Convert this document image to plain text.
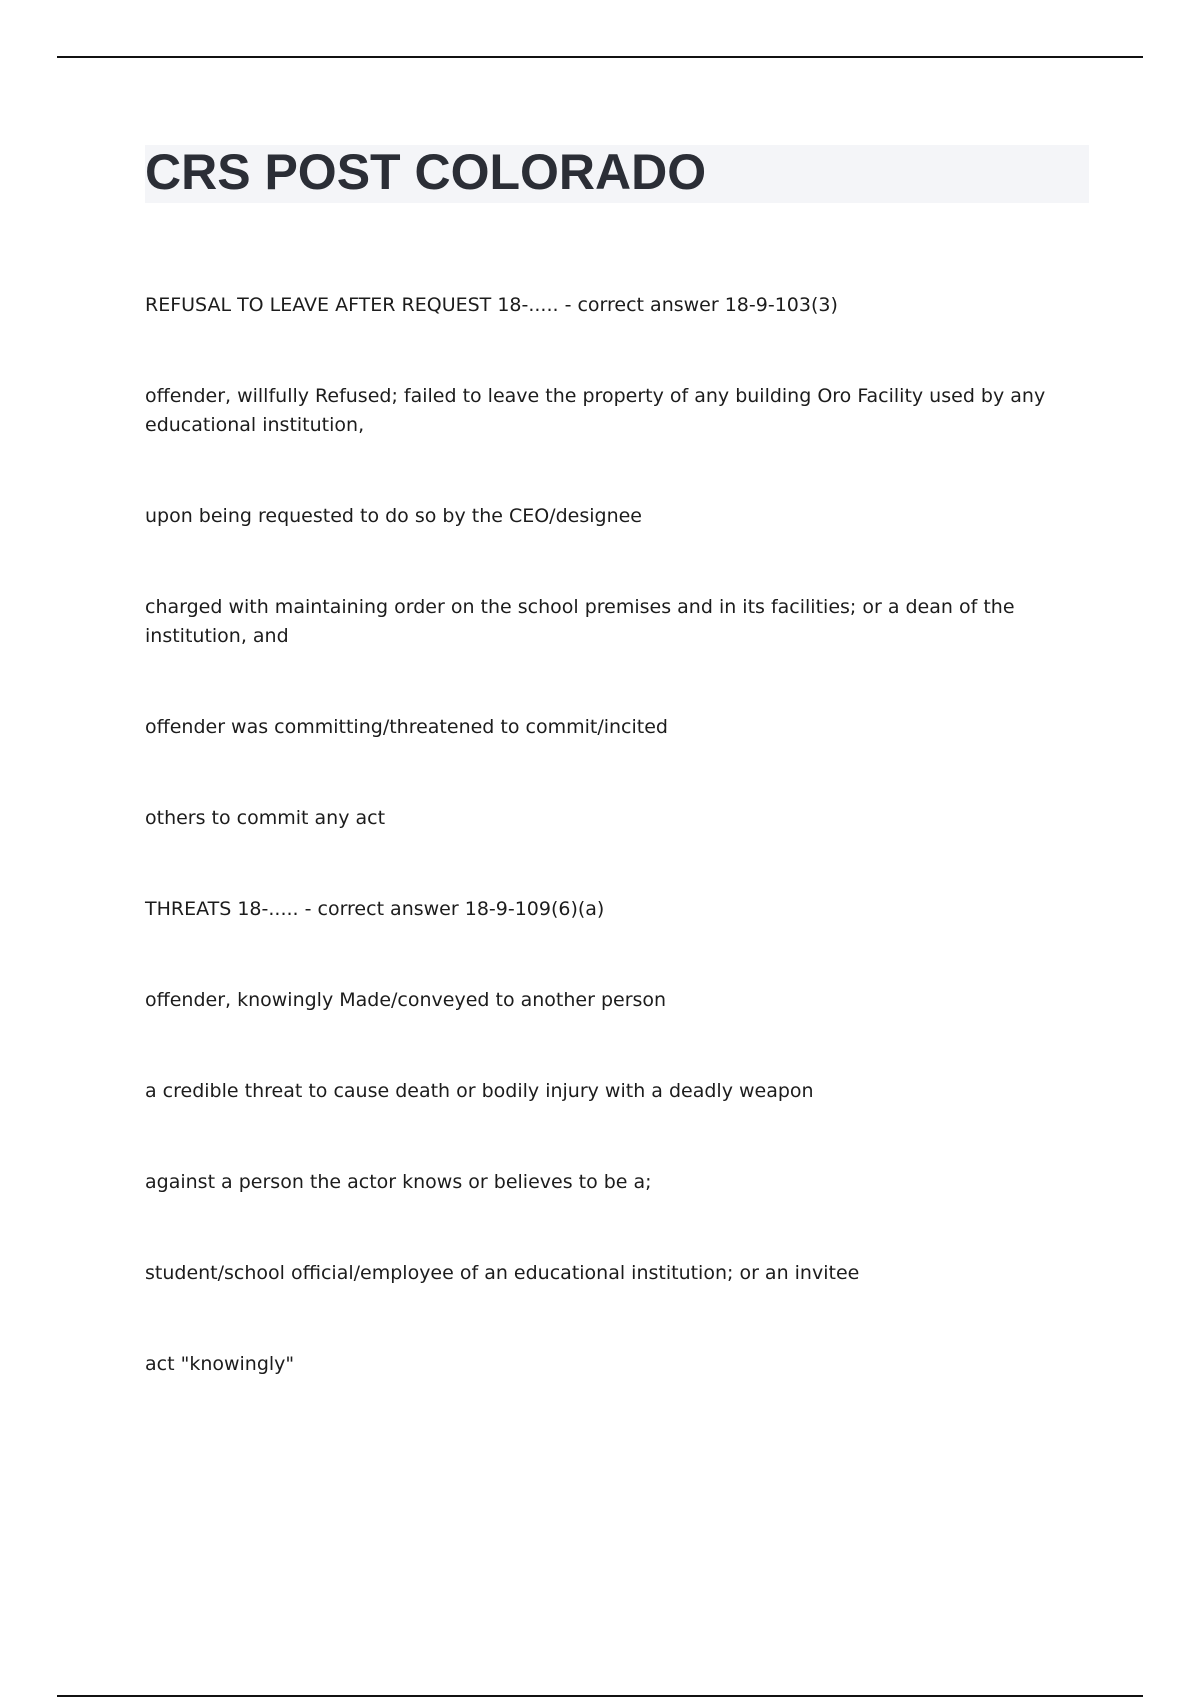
CRS POST COLORADO

REFUSAL TO LEAVE AFTER REQUEST 18-..... - correct answer 18-9-103(3)

offender, willfully Refused; failed to leave the property of any building Oro Facility used by any educational institution,

upon being requested to do so by the CEO/designee

charged with maintaining order on the school premises and in its facilities; or a dean of the institution, and

offender was committing/threatened to commit/incited

others to commit any act

THREATS 18-..... - correct answer 18-9-109(6)(a)

offender, knowingly Made/conveyed to another person

a credible threat to cause death or bodily injury with a deadly weapon

against a person the actor knows or believes to be a;

student/school official/employee of an educational institution; or an invitee

act "knowingly"
